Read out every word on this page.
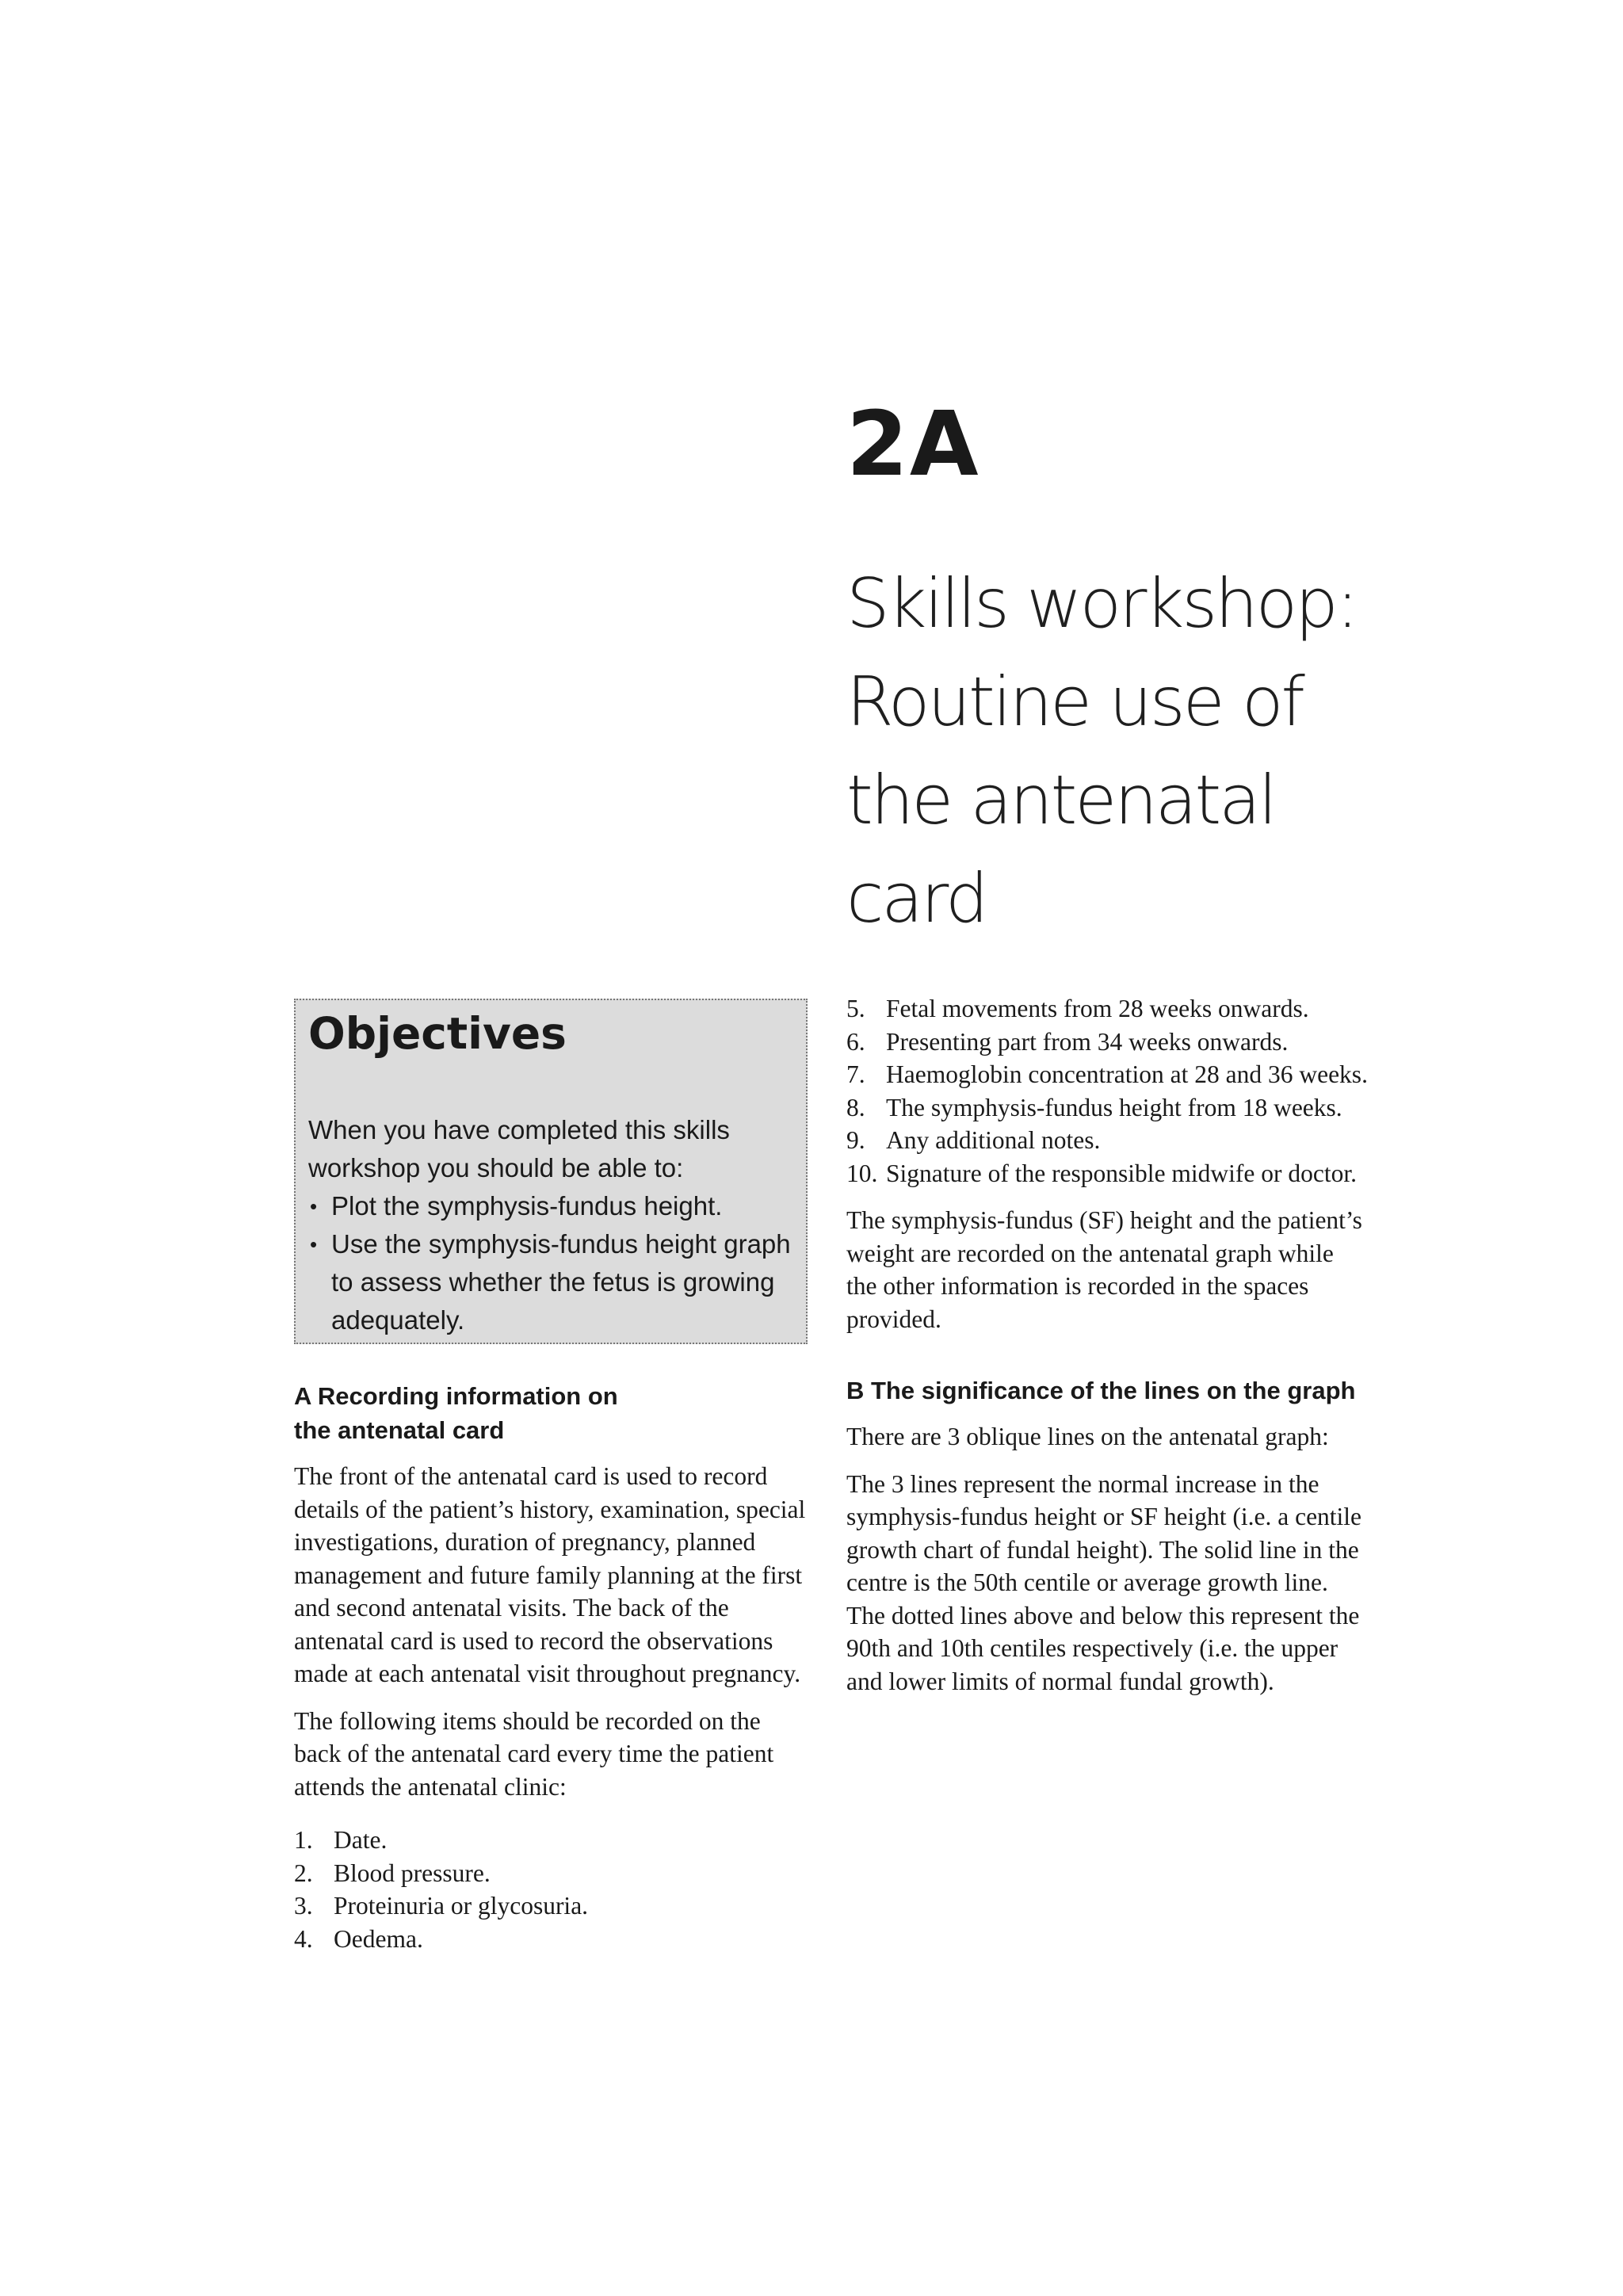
2A
Skills workshop:
Routine use of
the antenatal
card
Objectives

When you have completed this skills workshop you should be able to:

• Plot the symphysis-fundus height.
• Use the symphysis-fundus height graph to assess whether the fetus is growing adequately.
A Recording information on
the antenatal card

The front of the antenatal card is used to record details of the patient’s history, examination, special investigations, duration of pregnancy, planned management and future family planning at the first and second antenatal visits. The back of the antenatal card is used to record the observations made at each antenatal visit throughout pregnancy.

The following items should be recorded on the back of the antenatal card every time the patient attends the antenatal clinic:

1. Date.
2. Blood pressure.
3. Proteinuria or glycosuria.
4. Oedema.
5. Fetal movements from 28 weeks onwards.
6. Presenting part from 34 weeks onwards.
7. Haemoglobin concentration at 28 and 36 weeks.
8. The symphysis-fundus height from 18 weeks.
9. Any additional notes.
10. Signature of the responsible midwife or doctor.

The symphysis-fundus (SF) height and the patient’s weight are recorded on the antenatal graph while the other information is recorded in the spaces provided.

B The significance of the lines on the graph

There are 3 oblique lines on the antenatal graph:

The 3 lines represent the normal increase in the symphysis-fundus height or SF height (i.e. a centile growth chart of fundal height). The solid line in the centre is the 50th centile or average growth line. The dotted lines above and below this represent the 90th and 10th centiles respectively (i.e. the upper and lower limits of normal fundal growth).
